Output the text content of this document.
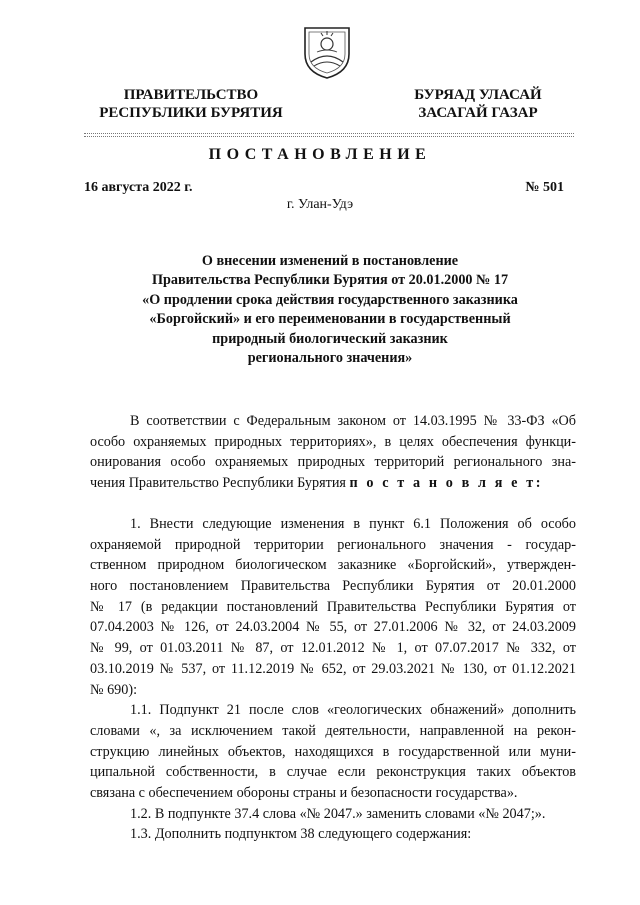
ПРАВИТЕЛЬСТВО
РЕСПУБЛИКИ БУРЯТИЯ
БУРЯАД УЛАСАЙ
ЗАСАГАЙ ГАЗАР
ПОСТАНОВЛЕНИЕ
16 августа 2022 г.	№ 501
г. Улан-Удэ
О внесении изменений в постановление
Правительства Республики Бурятия от 20.01.2000 № 17
«О продлении срока действия государственного заказника
«Боргойский» и его переименовании в государственный
природный биологический заказник
регионального значения»
В соответствии с Федеральным законом от 14.03.1995 № 33-ФЗ «Об
особо охраняемых природных территориях», в целях обеспечения функци-
онирования особо охраняемых природных территорий регионального зна-
чения Правительство Республики Бурятия п о с т а н о в л я е т:
1. Внести следующие изменения в пункт 6.1 Положения об особо
охраняемой природной территории регионального значения - государ-
ственном природном биологическом заказнике «Боргойский», утвержден-
ного постановлением Правительства Республики Бурятия от 20.01.2000
№ 17 (в редакции постановлений Правительства Республики Бурятия от
07.04.2003 № 126, от 24.03.2004 № 55, от 27.01.2006 № 32, от 24.03.2009
№ 99, от 01.03.2011 № 87, от 12.01.2012 № 1, от 07.07.2017 № 332, от
03.10.2019 № 537, от 11.12.2019 № 652, от 29.03.2021 № 130, от 01.12.2021
№ 690):
1.1. Подпункт 21 после слов «геологических обнажений» дополнить
словами «, за исключением такой деятельности, направленной на рекон-
струкцию линейных объектов, находящихся в государственной или муни-
ципальной собственности, в случае если реконструкция таких объектов
связана с обеспечением обороны страны и безопасности государства».
1.2. В подпункте 37.4 слова «№ 2047.» заменить словами «№ 2047;».
1.3. Дополнить подпунктом 38 следующего содержания:
